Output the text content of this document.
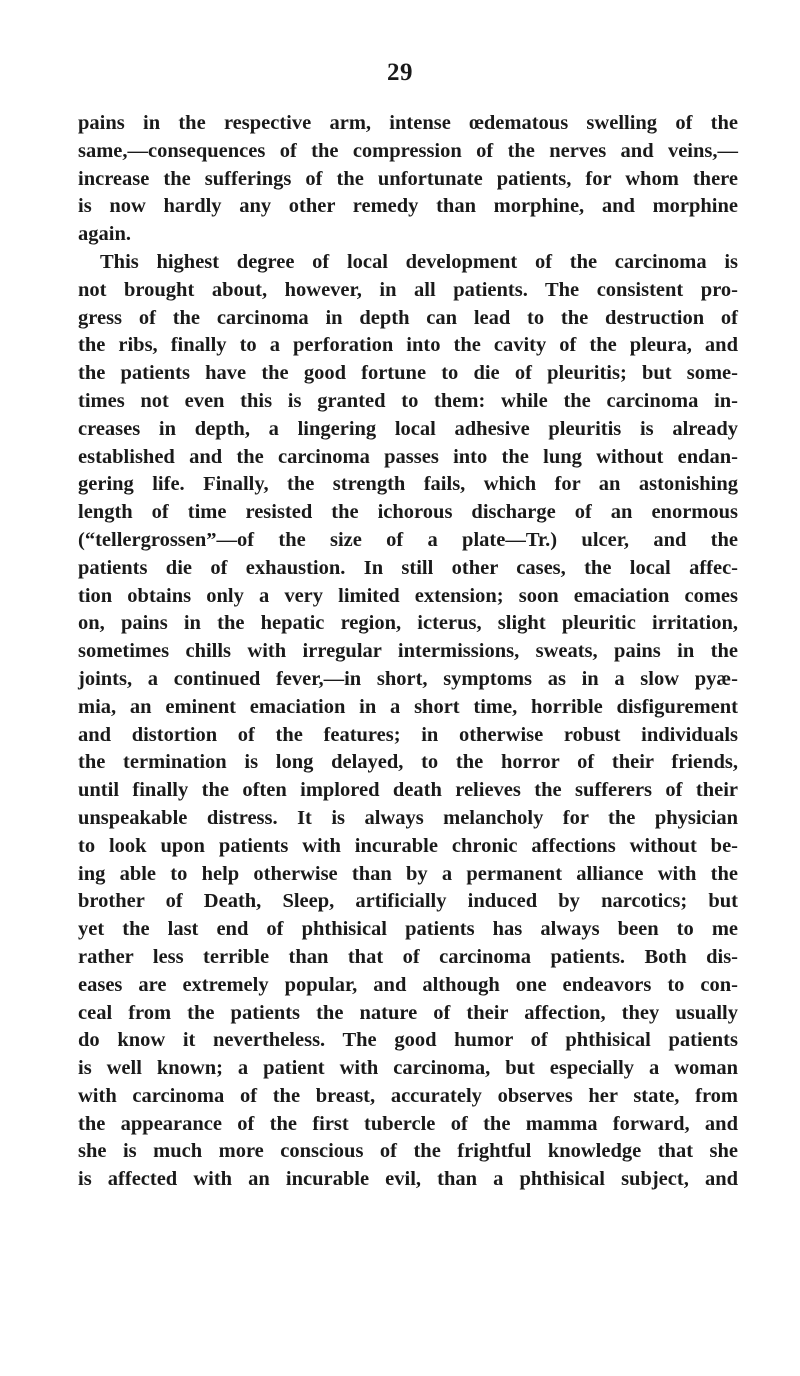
29
pains in the respective arm, intense œdematous swelling of the
same,—consequences of the compression of the nerves and veins,—
increase the sufferings of the unfortunate patients, for whom there
is now hardly any other remedy than morphine, and morphine
again.
This highest degree of local development of the carcinoma is
not brought about, however, in all patients. The consistent pro-
gress of the carcinoma in depth can lead to the destruction of
the ribs, finally to a perforation into the cavity of the pleura, and
the patients have the good fortune to die of pleuritis; but some-
times not even this is granted to them: while the carcinoma in-
creases in depth, a lingering local adhesive pleuritis is already
established and the carcinoma passes into the lung without endan-
gering life. Finally, the strength fails, which for an astonishing
length of time resisted the ichorous discharge of an enormous
(“tellergrossen”—of the size of a plate—Tr.) ulcer, and the
patients die of exhaustion. In still other cases, the local affec-
tion obtains only a very limited extension; soon emaciation comes
on, pains in the hepatic region, icterus, slight pleuritic irritation,
sometimes chills with irregular intermissions, sweats, pains in the
joints, a continued fever,—in short, symptoms as in a slow pyæ-
mia, an eminent emaciation in a short time, horrible disfigurement
and distortion of the features; in otherwise robust individuals
the termination is long delayed, to the horror of their friends,
until finally the often implored death relieves the sufferers of their
unspeakable distress. It is always melancholy for the physician
to look upon patients with incurable chronic affections without be-
ing able to help otherwise than by a permanent alliance with the
brother of Death, Sleep, artificially induced by narcotics; but
yet the last end of phthisical patients has always been to me
rather less terrible than that of carcinoma patients. Both dis-
eases are extremely popular, and although one endeavors to con-
ceal from the patients the nature of their affection, they usually
do know it nevertheless. The good humor of phthisical patients
is well known; a patient with carcinoma, but especially a woman
with carcinoma of the breast, accurately observes her state, from
the appearance of the first tubercle of the mamma forward, and
she is much more conscious of the frightful knowledge that she
is affected with an incurable evil, than a phthisical subject, and
